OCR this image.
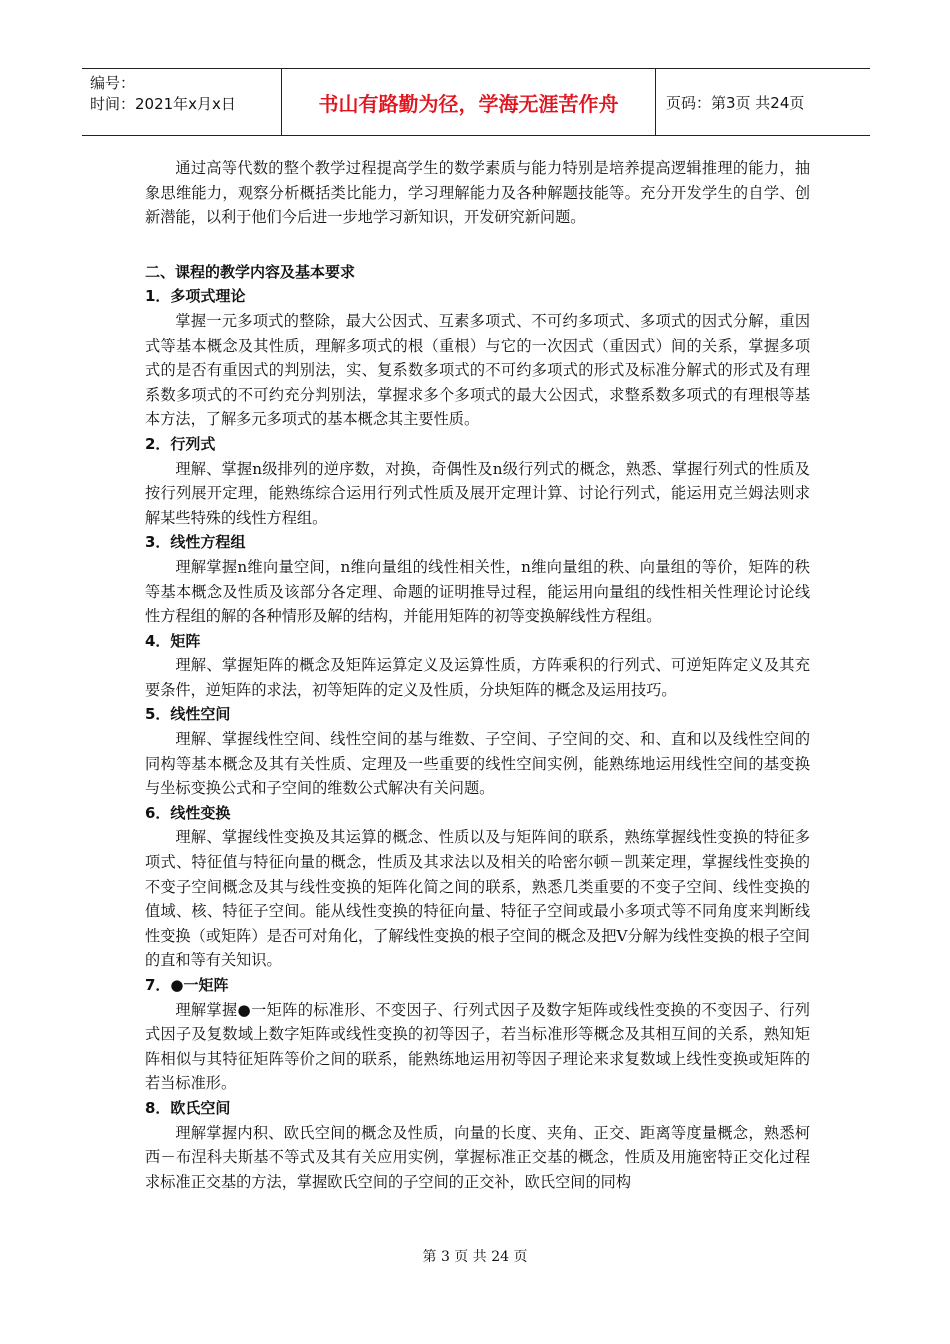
编号：
时间：2021年x月x日	书山有路勤为径，学海无涯苦作舟	页码：第3页 共24页

通过高等代数的整个教学过程提高学生的数学素质与能力特别是培养提高逻辑推理的能力，抽象思维能力，观察分析概括类比能力，学习理解能力及各种解题技能等。充分开发学生的自学、创新潜能，以利于他们今后进一步地学习新知识，开发研究新问题。

二、课程的教学内容及基本要求

1．多项式理论

掌握一元多项式的整除，最大公因式、互素多项式、不可约多项式、多项式的因式分解，重因式等基本概念及其性质，理解多项式的根（重根）与它的一次因式（重因式）间的关系，掌握多项式的是否有重因式的判别法，实、复系数多项式的不可约多项式的形式及标准分解式的形式及有理系数多项式的不可约充分判别法，掌握求多个多项式的最大公因式，求整系数多项式的有理根等基本方法，了解多元多项式的基本概念其主要性质。

2．行列式

理解、掌握n级排列的逆序数，对换，奇偶性及n级行列式的概念，熟悉、掌握行列式的性质及按行列展开定理，能熟练综合运用行列式性质及展开定理计算、讨论行列式，能运用克兰姆法则求解某些特殊的线性方程组。

3．线性方程组

理解掌握n维向量空间，n维向量组的线性相关性，n维向量组的秩、向量组的等价，矩阵的秩等基本概念及性质及该部分各定理、命题的证明推导过程，能运用向量组的线性相关性理论讨论线性方程组的解的各种情形及解的结构，并能用矩阵的初等变换解线性方程组。

4．矩阵

理解、掌握矩阵的概念及矩阵运算定义及运算性质，方阵乘积的行列式、可逆矩阵定义及其充要条件，逆矩阵的求法，初等矩阵的定义及性质，分块矩阵的概念及运用技巧。

5．线性空间

理解、掌握线性空间、线性空间的基与维数、子空间、子空间的交、和、直和以及线性空间的同构等基本概念及其有关性质、定理及一些重要的线性空间实例，能熟练地运用线性空间的基变换与坐标变换公式和子空间的维数公式解决有关问题。

6．线性变换

理解、掌握线性变换及其运算的概念、性质以及与矩阵间的联系，熟练掌握线性变换的特征多项式、特征值与特征向量的概念，性质及其求法以及相关的哈密尔顿－凯莱定理，掌握线性变换的不变子空间概念及其与线性变换的矩阵化简之间的联系，熟悉几类重要的不变子空间、线性变换的值域、核、特征子空间。能从线性变换的特征向量、特征子空间或最小多项式等不同角度来判断线性变换（或矩阵）是否可对角化，了解线性变换的根子空间的概念及把V分解为线性变换的根子空间的直和等有关知识。

7．●一矩阵

理解掌握●一矩阵的标准形、不变因子、行列式因子及数字矩阵或线性变换的不变因子、行列式因子及复数域上数字矩阵或线性变换的初等因子，若当标准形等概念及其相互间的关系，熟知矩阵相似与其特征矩阵等价之间的联系，能熟练地运用初等因子理论来求复数域上线性变换或矩阵的若当标准形。

8．欧氏空间

理解掌握内积、欧氏空间的概念及性质，向量的长度、夹角、正交、距离等度量概念，熟悉柯西－布涅科夫斯基不等式及其有关应用实例，掌握标准正交基的概念，性质及用施密特正交化过程求标准正交基的方法，掌握欧氏空间的子空间的正交补，欧氏空间的同构

第 3 页 共 24 页
